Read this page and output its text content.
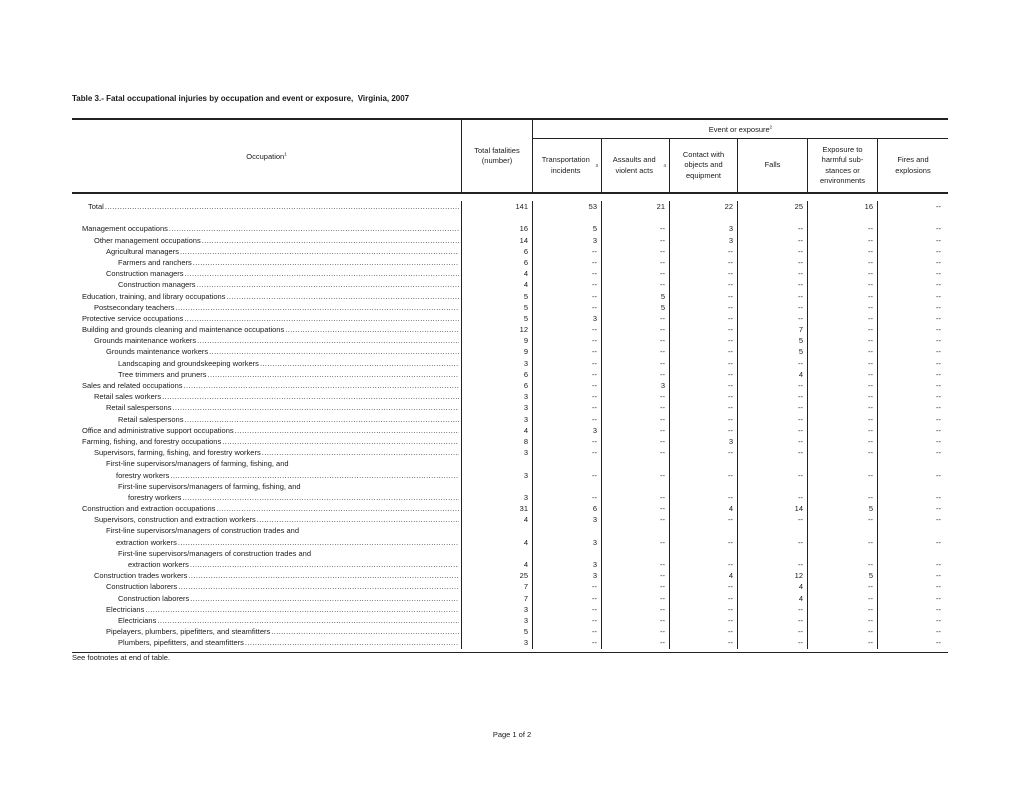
Table 3.- Fatal occupational injuries by occupation and event or exposure,  Virginia, 2007
Occupation$^1$	Total fatalities (number)
Event or exposure$^2$
Transportation incidents
3
Assaults and violent acts
4
Contact with objects and equipment
Falls
Exposure to harmful sub- stances or environments
Fires and explosions
Total .....	141	53	21	22	25	16	--
Management occupations .....	16	5	--	3	--	--	--
Other management occupations .....	14	3	--	3	--	--	--
Agricultural managers .....	6	--	--	--	--	--	--
Farmers and ranchers .....	6	--	--	--	--	--	--
Construction managers .....	4	--	--	--	--	--	--
Construction managers .....	4	--	--	--	--	--	--
Education, training, and library occupations .....	5	--	5	--	--	--	--
Postsecondary teachers .....	5	--	5	--	--	--	--
Protective service occupations .....	5	3	--	--	--	--	--
Building and grounds cleaning and maintenance occupations .....	12	--	--	--	7	--	--
Grounds maintenance workers .....	9	--	--	--	5	--	--
Grounds maintenance workers .....	9	--	--	--	5	--	--
Landscaping and groundskeeping workers .....	3	--	--	--	--	--	--
Tree trimmers and pruners .....	6	--	--	--	4	--	--
Sales and related occupations .....	6	--	3	--	--	--	--
Retail sales workers .....	3	--	--	--	--	--	--
Retail salespersons .....	3	--	--	--	--	--	--
Retail salespersons .....	3	--	--	--	--	--	--
Office and administrative support occupations .....	4	3	--	--	--	--	--
Farming, fishing, and forestry occupations .....	8	--	--	3	--	--	--
Supervisors, farming, fishing, and forestry workers .....	3	--	--	--	--	--	--
First-line supervisors/managers of farming, fishing, and
forestry workers .....	3	--	--	--	--	--	--
First-line supervisors/managers of farming, fishing, and
forestry workers .....	3	--	--	--	--	--	--
Construction and extraction occupations .....	31	6	--	4	14	5	--
Supervisors, construction and extraction workers .....	4	3	--	--	--	--	--
First-line supervisors/managers of construction trades and
extraction workers .....	4	3	--	--	--	--	--
First-line supervisors/managers of construction trades and
extraction workers .....	4	3	--	--	--	--	--
Construction trades workers .....	25	3	--	4	12	5	--
Construction laborers .....	7	--	--	--	4	--	--
Construction laborers .....	7	--	--	--	4	--	--
Electricians .....	3	--	--	--	--	--	--
Electricians .....	3	--	--	--	--	--	--
Pipelayers, plumbers, pipefitters, and steamfitters .....	5	--	--	--	--	--	--
Plumbers, pipefitters, and steamfitters .....	3	--	--	--	--	--	--
See footnotes at end of table.
Page 1 of 2
